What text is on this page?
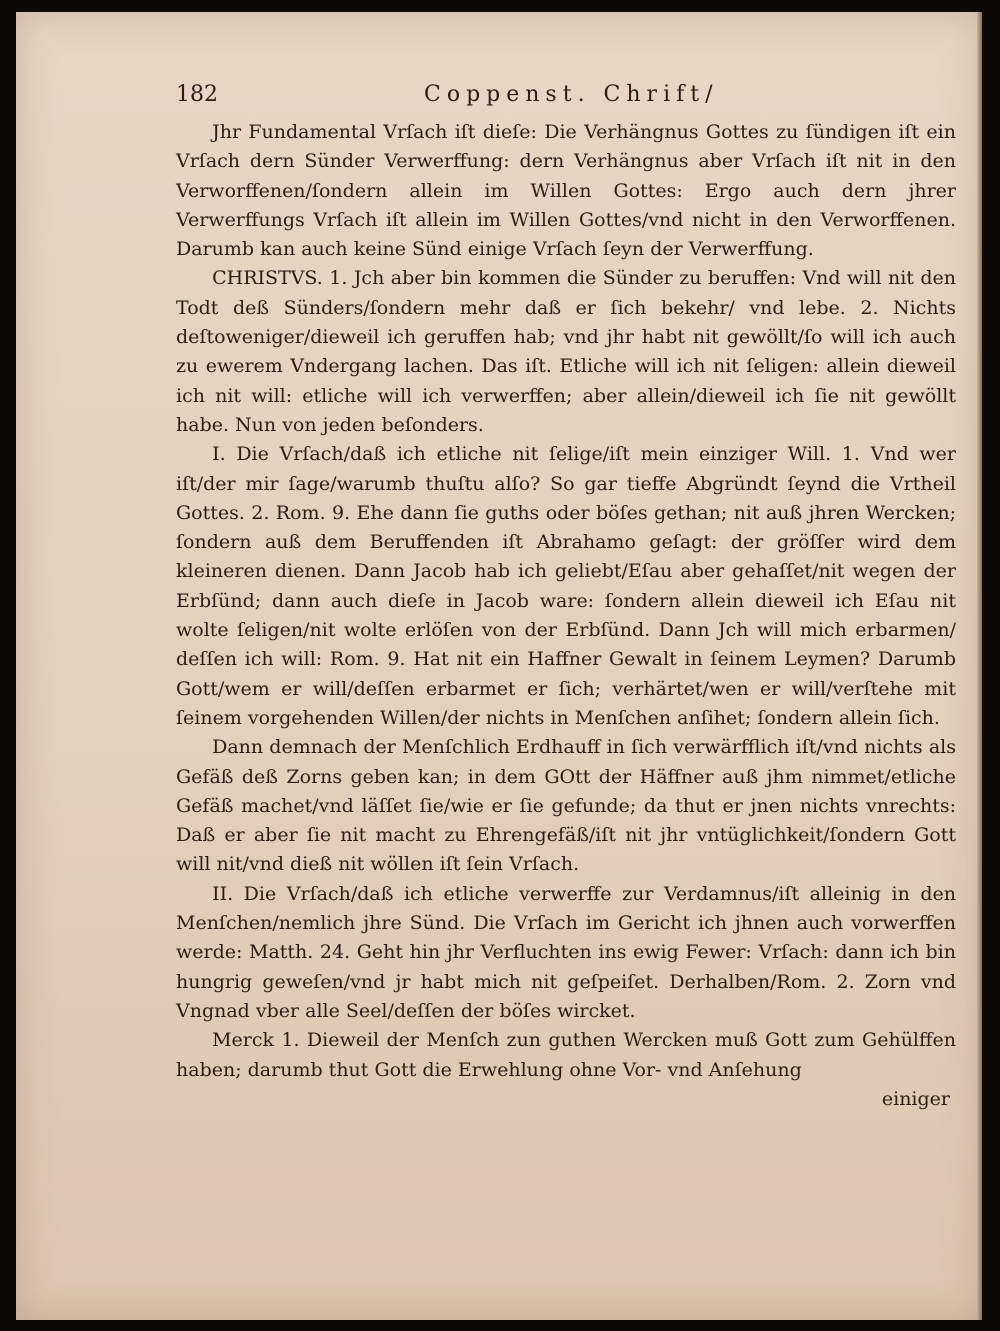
182	Coppenst. Chrift/

Jhr Fundamental Vrſach iſt dieſe: Die Verhängnus Gottes zu ſündigen iſt ein Vrſach dern Sünder Verwerffung: dern Verhängnus aber Vrſach iſt nit in den Verworffenen/ſondern allein im Willen Gottes: Ergo auch dern jhrer Verwerffungs Vrſach iſt allein im Willen Gottes/vnd nicht in den Verworffenen. Darumb kan auch keine Sünd einige Vrſach ſeyn der Verwerffung.

CHRISTVS. 1. Jch aber bin kommen die Sünder zu beruffen: Vnd will nit den Todt deß Sünders/ſondern mehr daß er ſich bekehr/ vnd lebe. 2. Nichts deſtoweniger/dieweil ich geruffen hab; vnd jhr habt nit gewöllt/ſo will ich auch zu ewerem Vndergang lachen. Das iſt. Etliche will ich nit ſeligen: allein dieweil ich nit will: etliche will ich verwerffen; aber allein/dieweil ich ſie nit gewöllt habe. Nun von jeden beſonders.

I. Die Vrſach/daß ich etliche nit ſelige/iſt mein einziger Will. 1. Vnd wer iſt/der mir ſage/warumb thuſtu alſo? So gar tieffe Abgründt ſeynd die Vrtheil Gottes. 2. Rom. 9. Ehe dann ſie guths oder böſes gethan; nit auß jhren Wercken; ſondern auß dem Beruffenden iſt Abrahamo geſagt: der gröſſer wird dem kleineren dienen. Dann Jacob hab ich geliebt/Eſau aber gehaſſet/nit wegen der Erbſünd; dann auch dieſe in Jacob ware: ſondern allein dieweil ich Eſau nit wolte ſeligen/nit wolte erlöſen von der Erbſünd. Dann Jch will mich erbarmen/ deſſen ich will: Rom. 9. Hat nit ein Haffner Gewalt in ſeinem Leymen? Darumb Gott/wem er will/deſſen erbarmet er ſich; verhärtet/wen er will/verſtehe mit ſeinem vorgehenden Willen/der nichts in Menſchen anſihet; ſondern allein ſich.

Dann demnach der Menſchlich Erdhauff in ſich verwärfflich iſt/vnd nichts als Gefäß deß Zorns geben kan; in dem GOtt der Häffner auß jhm nimmet/etliche Gefäß machet/vnd läſſet ſie/wie er ſie gefunde; da thut er jnen nichts vnrechts: Daß er aber ſie nit macht zu Ehrengefäß/iſt nit jhr vntüglichkeit/ſondern Gott will nit/vnd dieß nit wöllen iſt ſein Vrſach.

II. Die Vrſach/daß ich etliche verwerffe zur Verdamnus/iſt alleinig in den Menſchen/nemlich jhre Sünd. Die Vrſach im Gericht ich jhnen auch vorwerffen werde: Matth. 24. Geht hin jhr Verfluchten ins ewig Fewer: Vrſach: dann ich bin hungrig geweſen/vnd jr habt mich nit geſpeiſet. Derhalben/Rom. 2. Zorn vnd Vngnad vber alle Seel/deſſen der böſes wircket.

Merck 1. Dieweil der Menſch zun guthen Wercken muß Gott zum Gehülffen haben; darumb thut Gott die Erwehlung ohne Vor- vnd Anſehung

einiger
